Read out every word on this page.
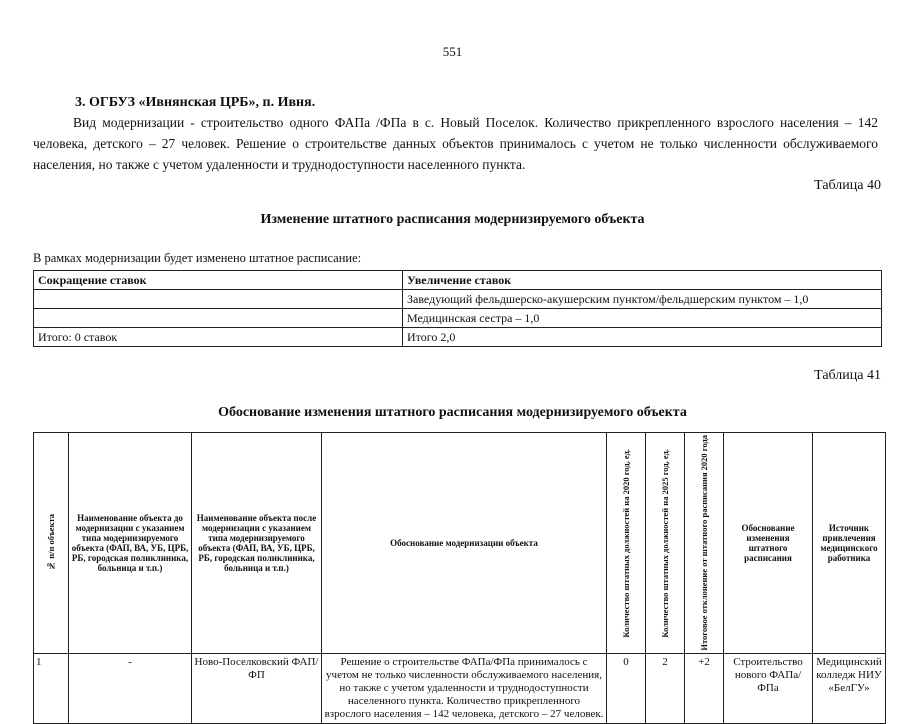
551
3. ОГБУЗ «Ивнянская ЦРБ», п. Ивня.
Вид модернизации - строительство одного ФАПа /ФПа в с. Новый Поселок. Количество прикрепленного взрослого населения – 142 человека, детского – 27 человек. Решение о строительстве данных объектов принималось с учетом не только численности обслуживаемого населения, но также с учетом удаленности и труднодоступности населенного пункта.
Таблица 40
Изменение штатного расписания модернизируемого объекта
В рамках модернизации будет изменено штатное расписание:
Сокращение ставок	Увеличение ставок
	Заведующий фельдшерско-акушерским пунктом/фельдшерским пунктом – 1,0
	Медицинская сестра – 1,0
Итого: 0 ставок	Итого 2,0
Таблица 41
Обоснование изменения штатного расписания модернизируемого объекта
№ п/п объекта	Наименование объекта до модернизации с указанием типа модернизируемого объекта (ФАП, ВА, УБ, ЦРБ, РБ, городская поликлиника, больница и т.п.)	Наименование объекта после модернизации с указанием типа модернизируемого объекта (ФАП, ВА, УБ, ЦРБ, РБ, городская поликлиника, больница и т.п.)	Обоснование модернизации объекта	Количество штатных должностей на 2020 год, ед.	Количество штатных должностей на 2025 год, ед.	Итоговое отклонение от штатного расписания 2020 года	Обоснование изменения штатного расписания	Источник привлечения медицинского работника
1	-	Ново-Поселковский ФАП/ФП	Решение о строительстве ФАПа/ФПа принималось с учетом не только численности обслуживаемого населения, но также с учетом удаленности и труднодоступности населенного пункта. Количество прикрепленного взрослого населения – 142 человека, детского – 27 человек.	0	2	+2	Строительство нового ФАПа/ФПа	Медицинский колледж НИУ «БелГУ»
